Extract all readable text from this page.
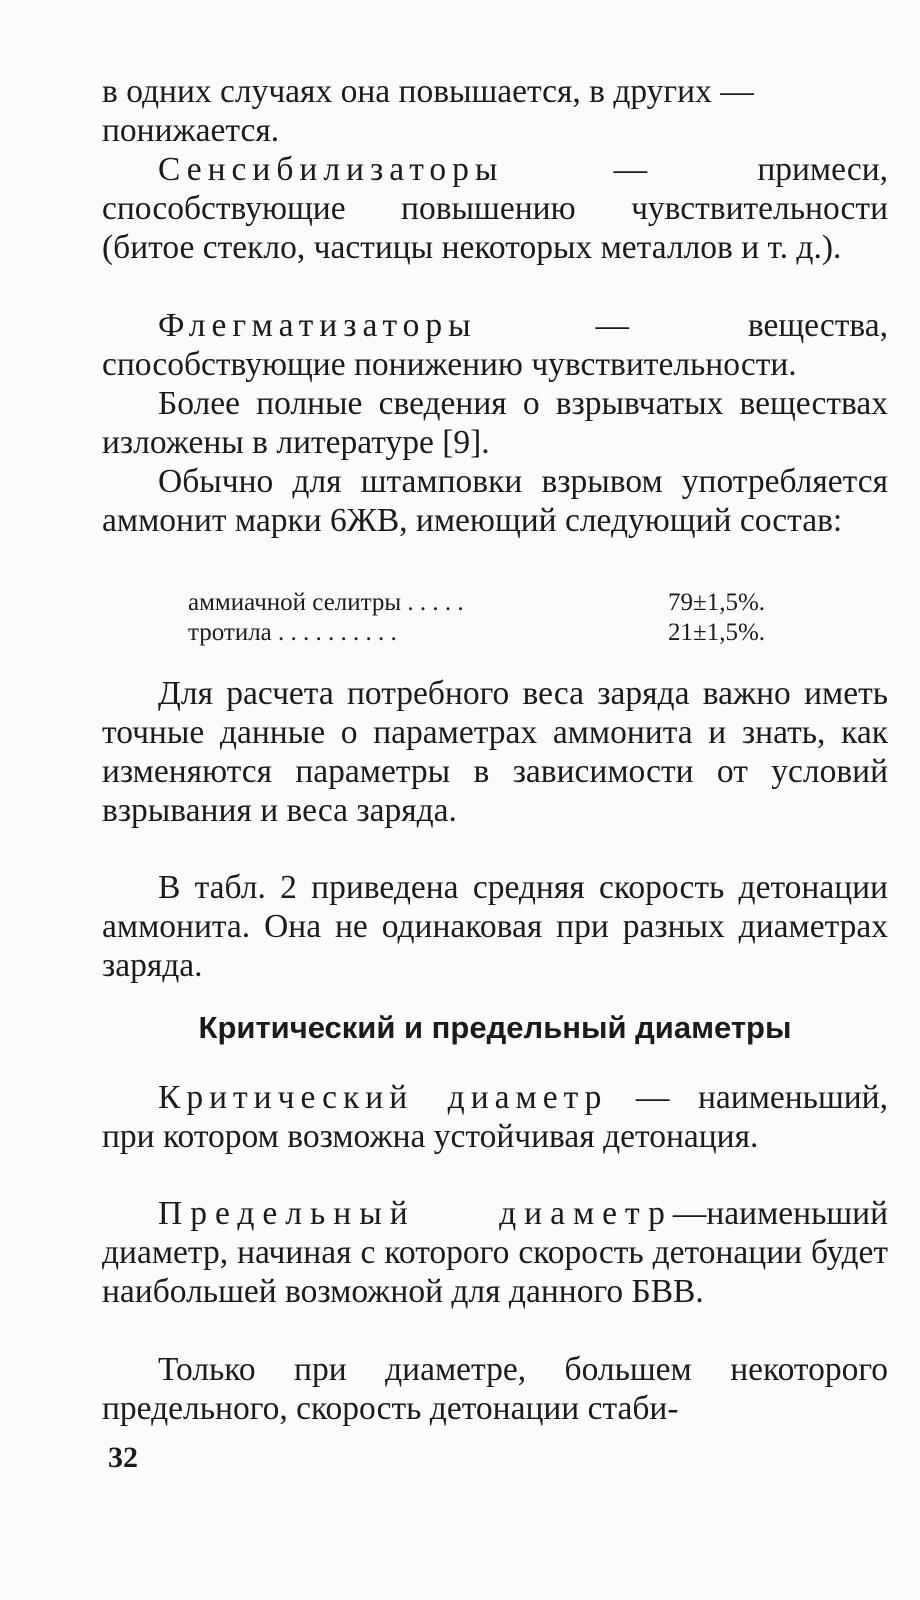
в одних случаях она повышается, в других —
понижается.

Сенсибилизаторы — примеси, способствующие повышению чувствительности (битое стекло, частицы некоторых металлов и т. д.).

Флегматизаторы — вещества, способствующие понижению чувствительности.

Более полные сведения о взрывчатых веществах изложены в литературе [9].

Обычно для штамповки взрывом употребляется аммонит марки 6ЖВ, имеющий следующий состав:

аммиачной селитры . . . . .	79±1,5%.
тротила . . . . . . . . . .	21±1,5%.

Для расчета потребного веса заряда важно иметь точные данные о параметрах аммонита и знать, как изменяются параметры в зависимости от условий взрывания и веса заряда.

В табл. 2 приведена средняя скорость детонации аммонита. Она не одинаковая при разных диаметрах заряда.

Критический и предельный диаметры

Критический диаметр — наименьший, при котором возможна устойчивая детонация.

Предельный диаметр—наименьший диаметр, начиная с которого скорость детонации будет наибольшей возможной для данного БВВ.

Только при диаметре, большем некоторого предельного, скорость детонации стаби-

32
